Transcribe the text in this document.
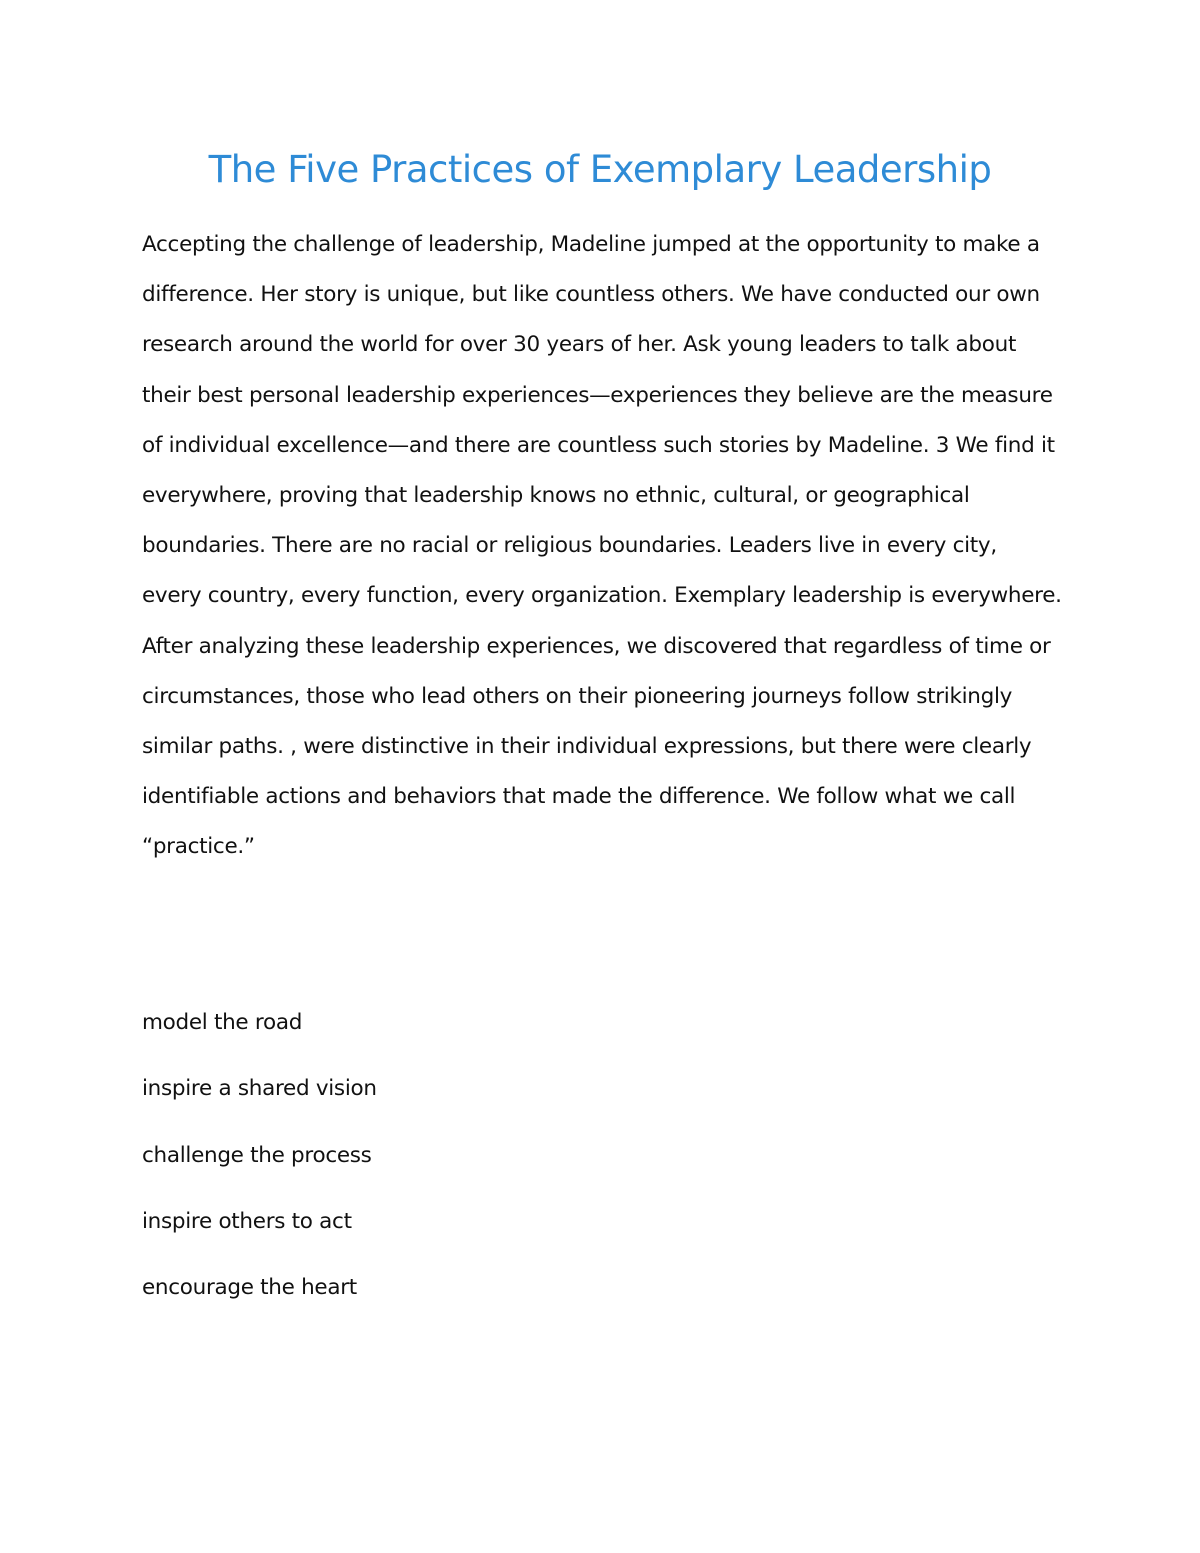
The Five Practices of Exemplary Leadership

Accepting the challenge of leadership, Madeline jumped at the opportunity to make a difference. Her story is unique, but like countless others. We have conducted our own research around the world for over 30 years of her. Ask young leaders to talk about their best personal leadership experiences—experiences they believe are the measure of individual excellence—and there are countless such stories by Madeline. 3 We find it everywhere, proving that leadership knows no ethnic, cultural, or geographical boundaries. There are no racial or religious boundaries. Leaders live in every city, every country, every function, every organization. Exemplary leadership is everywhere. After analyzing these leadership experiences, we discovered that regardless of time or circumstances, those who lead others on their pioneering journeys follow strikingly similar paths. , were distinctive in their individual expressions, but there were clearly identifiable actions and behaviors that made the difference. We follow what we call “practice.”

model the road
inspire a shared vision
challenge the process
inspire others to act
encourage the heart
